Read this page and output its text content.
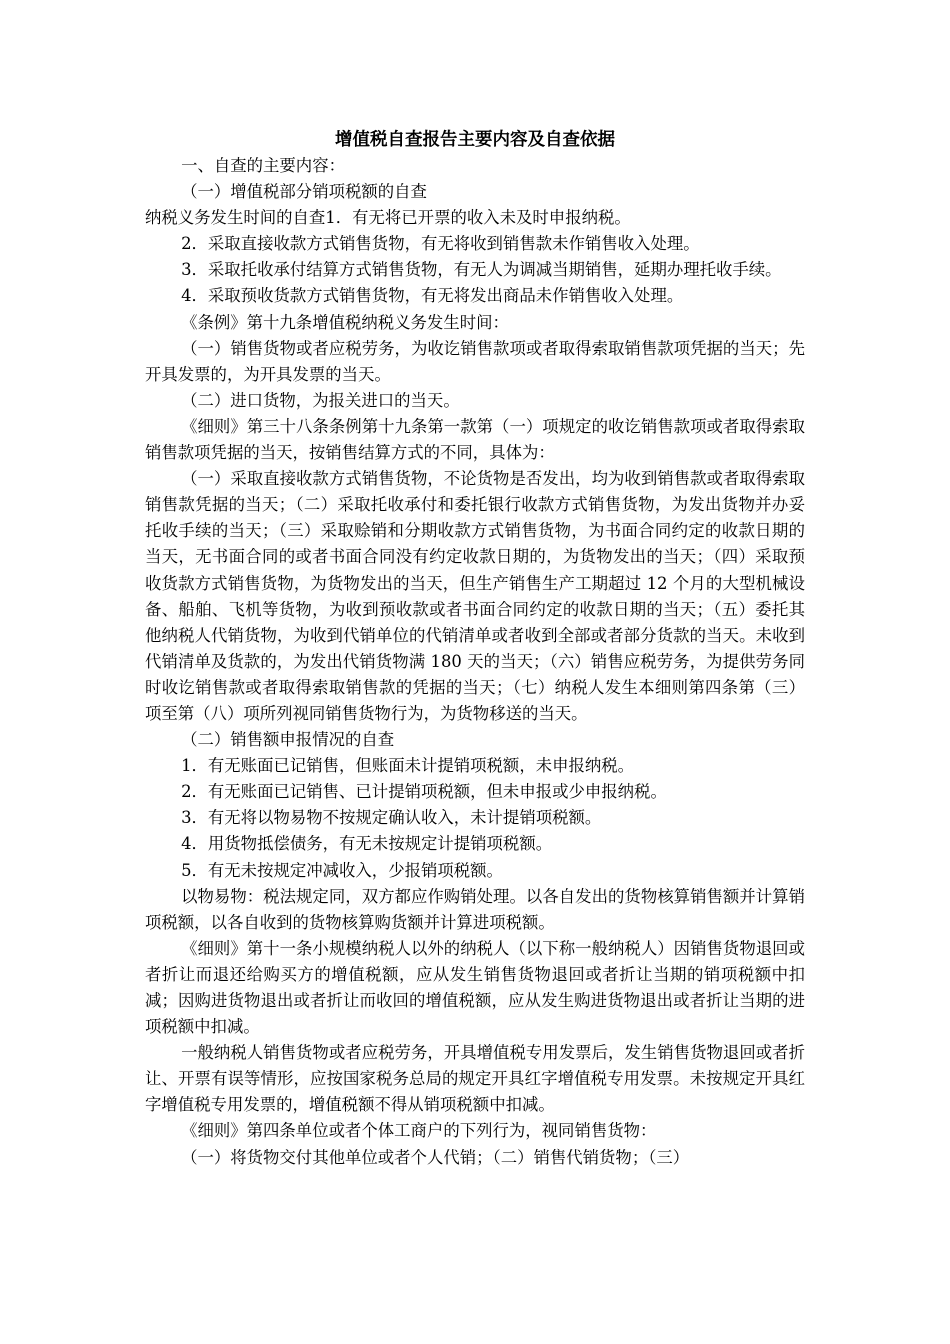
增值税自查报告主要内容及自查依据

一、自查的主要内容：

（一）增值税部分销项税额的自查

纳税义务发生时间的自查1．有无将已开票的收入未及时申报纳税。

2．采取直接收款方式销售货物，有无将收到销售款未作销售收入处理。

3．采取托收承付结算方式销售货物，有无人为调减当期销售，延期办理托收手续。

4．采取预收货款方式销售货物，有无将发出商品未作销售收入处理。

《条例》第十九条增值税纳税义务发生时间：

（一）销售货物或者应税劳务，为收讫销售款项或者取得索取销售款项凭据的当天；先开具发票的，为开具发票的当天。

（二）进口货物，为报关进口的当天。

《细则》第三十八条条例第十九条第一款第（一）项规定的收讫销售款项或者取得索取销售款项凭据的当天，按销售结算方式的不同，具体为：

（一）采取直接收款方式销售货物，不论货物是否发出，均为收到销售款或者取得索取销售款凭据的当天；（二）采取托收承付和委托银行收款方式销售货物，为发出货物并办妥托收手续的当天；（三）采取赊销和分期收款方式销售货物，为书面合同约定的收款日期的当天，无书面合同的或者书面合同没有约定收款日期的，为货物发出的当天；（四）采取预收货款方式销售货物，为货物发出的当天，但生产销售生产工期超过 12 个月的大型机械设备、船舶、飞机等货物，为收到预收款或者书面合同约定的收款日期的当天；（五）委托其他纳税人代销货物，为收到代销单位的代销清单或者收到全部或者部分货款的当天。未收到代销清单及货款的，为发出代销货物满 180 天的当天；（六）销售应税劳务，为提供劳务同时收讫销售款或者取得索取销售款的凭据的当天；（七）纳税人发生本细则第四条第（三）项至第（八）项所列视同销售货物行为，为货物移送的当天。

（二）销售额申报情况的自查

1．有无账面已记销售，但账面未计提销项税额，未申报纳税。

2．有无账面已记销售、已计提销项税额，但未申报或少申报纳税。

3．有无将以物易物不按规定确认收入，未计提销项税额。

4．用货物抵偿债务，有无未按规定计提销项税额。

5．有无未按规定冲减收入，少报销项税额。

以物易物：税法规定同，双方都应作购销处理。以各自发出的货物核算销售额并计算销项税额，以各自收到的货物核算购货额并计算进项税额。

《细则》第十一条小规模纳税人以外的纳税人（以下称一般纳税人）因销售货物退回或者折让而退还给购买方的增值税额，应从发生销售货物退回或者折让当期的销项税额中扣减；因购进货物退出或者折让而收回的增值税额，应从发生购进货物退出或者折让当期的进项税额中扣减。

一般纳税人销售货物或者应税劳务，开具增值税专用发票后，发生销售货物退回或者折让、开票有误等情形，应按国家税务总局的规定开具红字增值税专用发票。未按规定开具红字增值税专用发票的，增值税额不得从销项税额中扣减。

《细则》第四条单位或者个体工商户的下列行为，视同销售货物：

（一）将货物交付其他单位或者个人代销；（二）销售代销货物；（三）
